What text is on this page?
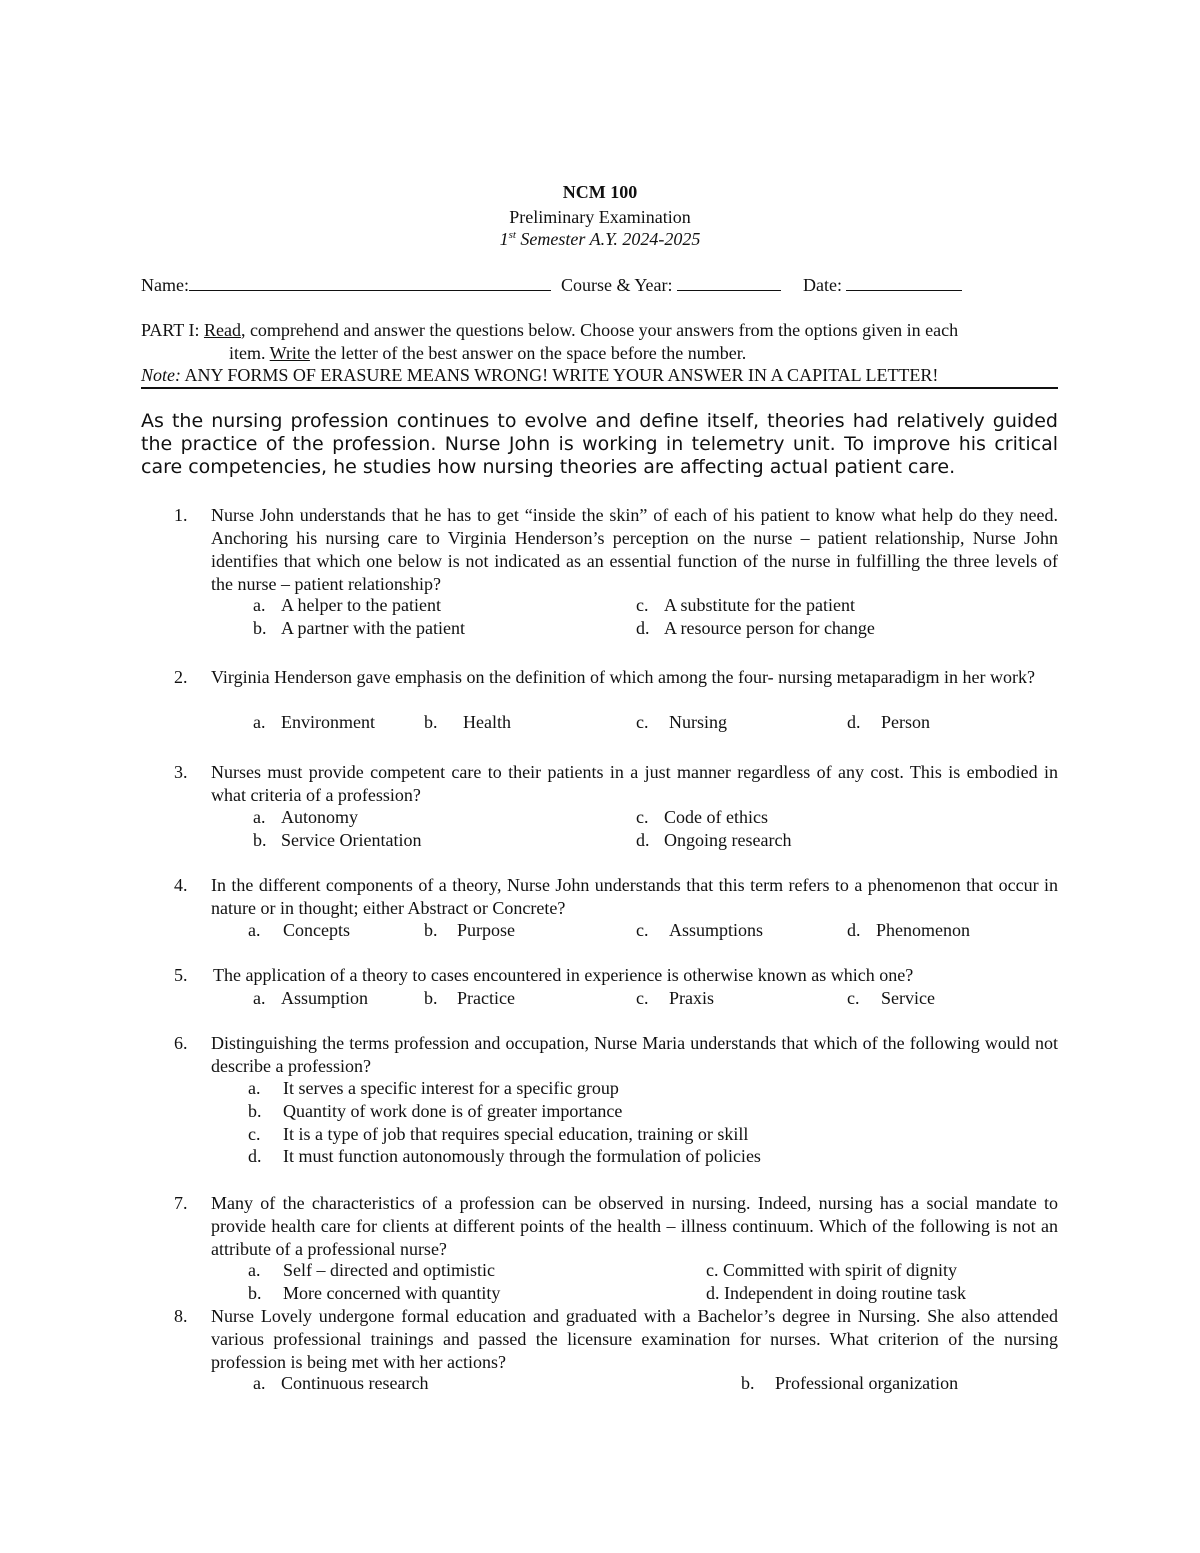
NCM 100
Preliminary Examination
1st Semester A.Y. 2024-2025
Name:	Course & Year:	Date:
PART I: Read, comprehend and answer the questions below. Choose your answers from the options given in each
item. Write the letter of the best answer on the space before the number.
Note: ANY FORMS OF ERASURE MEANS WRONG! WRITE YOUR ANSWER IN A CAPITAL LETTER!
As the nursing profession continues to evolve and define itself, theories had relatively guided the practice of the profession. Nurse John is working in telemetry unit. To improve his critical care competencies, he studies how nursing theories are affecting actual patient care.
1.	Nurse John understands that he has to get “inside the skin” of each of his patient to know what help do they need. Anchoring his nursing care to Virginia Henderson’s perception on the nurse – patient relationship, Nurse John identifies that which one below is not indicated as an essential function of the nurse in fulfilling the three levels of the nurse – patient relationship?
a. A helper to the patient
b. A partner with the patient
c. A substitute for the patient
d. A resource person for change
2.	Virginia Henderson gave emphasis on the definition of which among the four- nursing metaparadigm in her work?
a. Environment	b. Health	c. Nursing	d. Person
3.	Nurses must provide competent care to their patients in a just manner regardless of any cost. This is embodied in what criteria of a profession?
a. Autonomy
b. Service Orientation
c. Code of ethics
d. Ongoing research
4.	In the different components of a theory, Nurse John understands that this term refers to a phenomenon that occur in nature or in thought; either Abstract or Concrete?
a. Concepts	b. Purpose	c. Assumptions	d. Phenomenon
5.	The application of a theory to cases encountered in experience is otherwise known as which one?
a. Assumption	b. Practice	c. Praxis	c. Service
6.	Distinguishing the terms profession and occupation, Nurse Maria understands that which of the following would not describe a profession?
a. It serves a specific interest for a specific group
b. Quantity of work done is of greater importance
c. It is a type of job that requires special education, training or skill
d. It must function autonomously through the formulation of policies
7.	Many of the characteristics of a profession can be observed in nursing. Indeed, nursing has a social mandate to provide health care for clients at different points of the health – illness continuum. Which of the following is not an attribute of a professional nurse?
a. Self – directed and optimistic
b. More concerned with quantity
c. Committed with spirit of dignity
d. Independent in doing routine task
8.	Nurse Lovely undergone formal education and graduated with a Bachelor’s degree in Nursing. She also attended various professional trainings and passed the licensure examination for nurses. What criterion of the nursing profession is being met with her actions?
a. Continuous research	b. Professional organization
